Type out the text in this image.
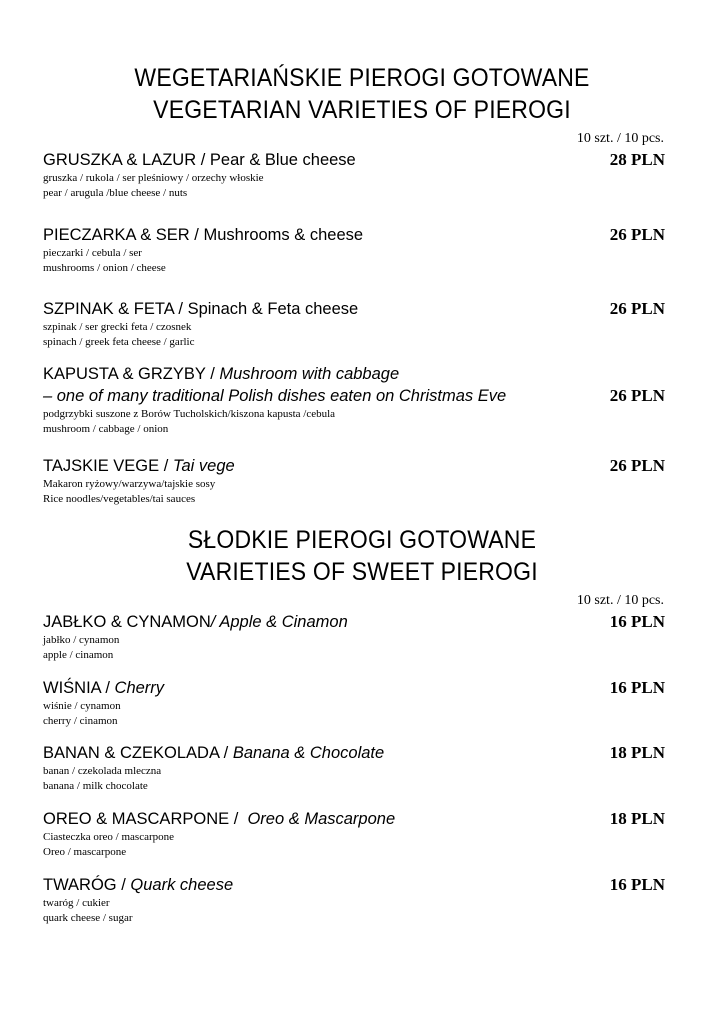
WEGETARIAŃSKIE PIEROGI GOTOWANE
VEGETARIAN VARIETIES OF PIEROGI
10 szt. / 10 pcs.
GRUSZKA & LAZUR / Pear & Blue cheese	28 PLN
gruszka / rukola / ser pleśniowy / orzechy włoskie
pear / arugula /blue cheese / nuts
PIECZARKA & SER / Mushrooms & cheese	26 PLN
pieczarki / cebula / ser
mushrooms / onion / cheese
SZPINAK & FETA / Spinach & Feta cheese	26 PLN
szpinak / ser grecki feta / czosnek
spinach / greek feta cheese / garlic
KAPUSTA & GRZYBY / Mushroom with cabbage
– one of many traditional Polish dishes eaten on Christmas Eve	26 PLN
podgrzybki suszone z Borów Tucholskich/kiszona kapusta /cebula
mushroom / cabbage / onion
TAJSKIE VEGE / Tai vege	26 PLN
Makaron ryżowy/warzywa/tajskie sosy
Rice noodles/vegetables/tai sauces
SŁODKIE PIEROGI GOTOWANE
VARIETIES OF SWEET PIEROGI
10 szt. / 10 pcs.
JABŁKO & CYNAMON/ Apple & Cinamon	16 PLN
jabłko / cynamon
apple / cinamon
WIŚNIA / Cherry	16 PLN
wiśnie / cynamon
cherry / cinamon
BANAN & CZEKOLADA / Banana & Chocolate	18 PLN
banan / czekolada mleczna
banana / milk chocolate
OREO & MASCARPONE / Oreo & Mascarpone	18 PLN
Ciasteczka oreo / mascarpone
Oreo / mascarpone
TWARÓG / Quark cheese	16 PLN
twaróg / cukier
quark cheese / sugar
